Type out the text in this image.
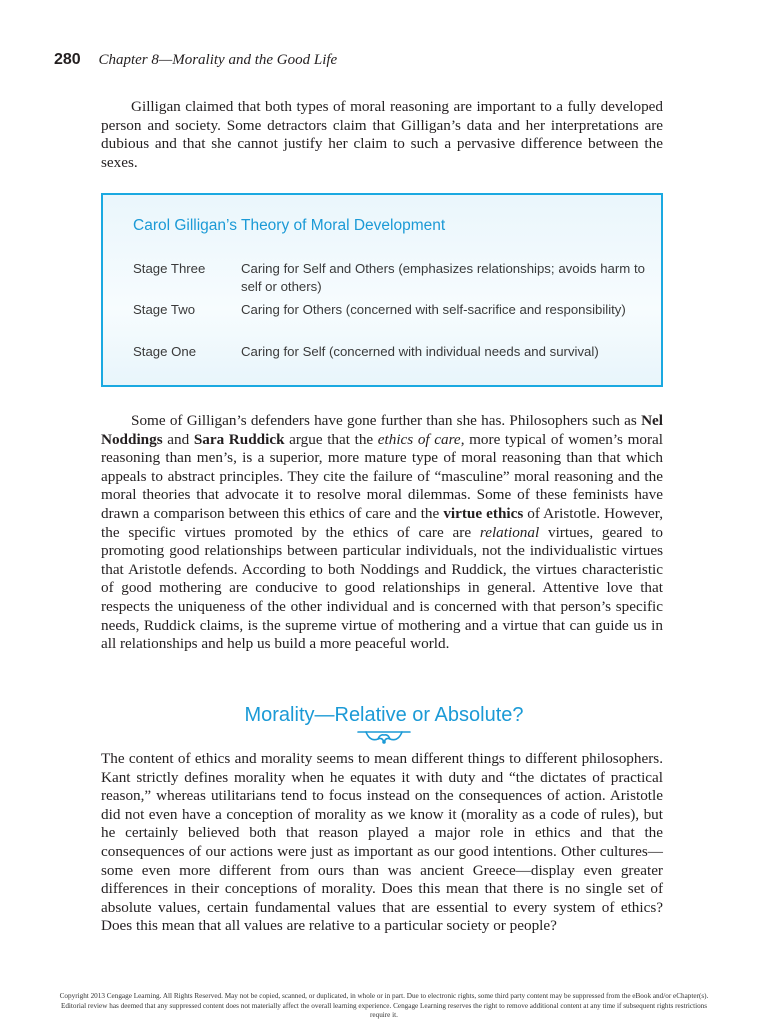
280 Chapter 8—Morality and the Good Life

Gilligan claimed that both types of moral reasoning are important to a fully developed person and society. Some detractors claim that Gilligan’s data and her interpretations are dubious and that she cannot justify her claim to such a pervasive difference between the sexes.

Carol Gilligan’s Theory of Moral Development
Stage Three	Caring for Self and Others (emphasizes relationships; avoids harm to self or others)
Stage Two	Caring for Others (concerned with self-sacrifice and responsibility)
Stage One	Caring for Self (concerned with individual needs and survival)

Some of Gilligan’s defenders have gone further than she has. Philosophers such as Nel Noddings and Sara Ruddick argue that the ethics of care, more typical of women’s moral reasoning than men’s, is a superior, more mature type of moral reasoning than that which appeals to abstract principles. They cite the failure of “masculine” moral reasoning and the moral theories that advocate it to resolve moral dilemmas. Some of these feminists have drawn a comparison between this ethics of care and the virtue ethics of Aristotle. However, the specific virtues promoted by the ethics of care are relational virtues, geared to promoting good relationships between particular individuals, not the individualistic virtues that Aristotle defends. According to both Noddings and Ruddick, the virtues characteristic of good mothering are conducive to good relationships in general. Attentive love that respects the uniqueness of the other individual and is concerned with that person’s specific needs, Ruddick claims, is the supreme virtue of mothering and a virtue that can guide us in all relationships and help us build a more peaceful world.

Morality—Relative or Absolute?

The content of ethics and morality seems to mean different things to different philosophers. Kant strictly defines morality when he equates it with duty and “the dictates of practical reason,” whereas utilitarians tend to focus instead on the consequences of action. Aristotle did not even have a conception of morality as we know it (morality as a code of rules), but he certainly believed both that reason played a major role in ethics and that the consequences of our actions were just as important as our good intentions. Other cultures—some even more different from ours than was ancient Greece—display even greater differences in their conceptions of morality. Does this mean that there is no single set of absolute values, certain fundamental values that are essential to every system of ethics? Does this mean that all values are relative to a particular society or people?

Copyright 2013 Cengage Learning. All Rights Reserved. May not be copied, scanned, or duplicated, in whole or in part. Due to electronic rights, some third party content may be suppressed from the eBook and/or eChapter(s). Editorial review has deemed that any suppressed content does not materially affect the overall learning experience. Cengage Learning reserves the right to remove additional content at any time if subsequent rights restrictions require it.
